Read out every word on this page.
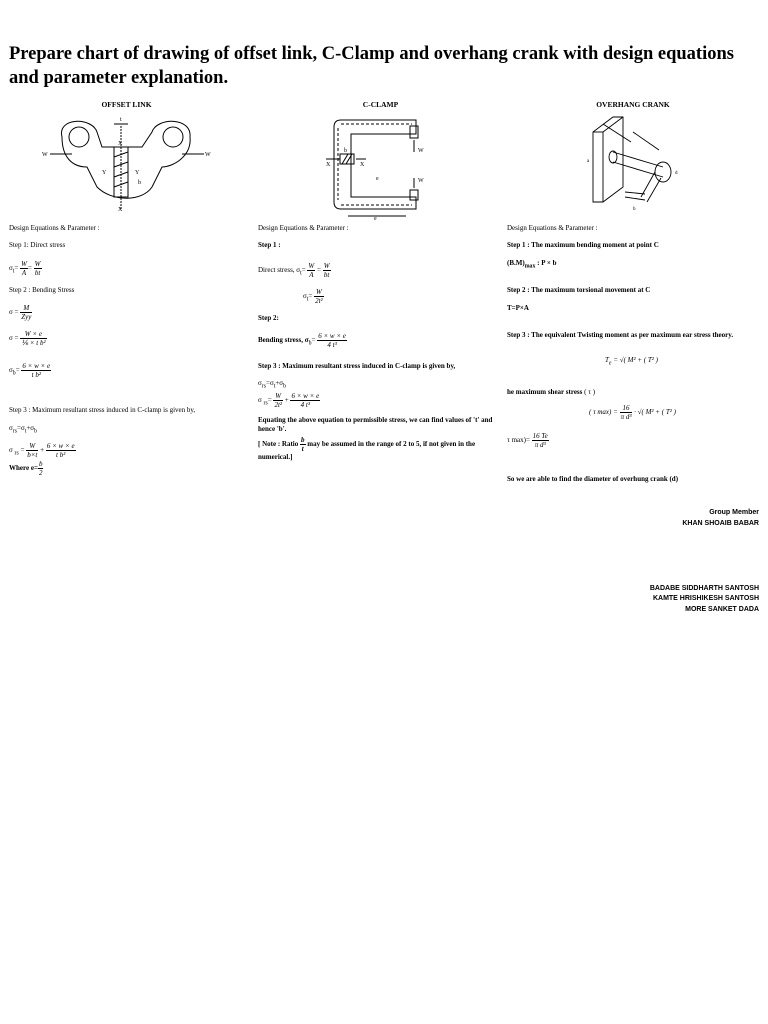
Prepare chart of drawing of offset link, C-Clamp and overhang crank with design equations and parameter explanation.
OFFSET LINK
W	W
t
X
X
Y	Y
b
Design Equations & Parameter :
Step 1: Direct stress
$\sigma_t= \frac{W}{A} = \frac{W}{bt}$
Step 2 : Bending Stress
$\sigma = \frac{M}{\text{Zyy}}$
$\sigma = \frac{W \times e}{\text{⅙ × t b²}}$
$\sigma_b= \frac{6 \times w \times e}{\text{t b²}}$
Step 3 : Maximum resultant stress induced in C-clamp is given by,
$\sigma_{rs}=\sigma_t+\sigma_b$
σ $_{rs} = \frac{W}{b\times t} + \frac{6 \times w \times e}{\text{t b²}}$
Where $e= \frac{b}{2}$
C-CLAMP
X	X
b	W
W
e
e
Design Equations & Parameter :
Step 1 :
Direct stress, $\sigma_t= \frac{W}{A} = \frac{W}{bt}$
$\sigma_t= \frac{W}{\text{2t²}}$
Step 2:
Bending stress, $\sigma_b= \frac{6 \times w \times e}{\text{4 t³}}$
Step 3 : Maximum resultant stress induced in C-clamp is given by,
$\sigma_{rs}=\sigma_t+\sigma_b$
σ $_{rs}= \frac{W}{\text{2t²}} + \frac{6 \times w \times e}{\text{4 t³}}$
Equating the above equation to permissible stress, we can find values of 't' and hence 'b'.
[ Note : Ratio $\frac{b}{t}$ may be assumed in the range of 2 to 5, if not given in the numerical.]
OVERHANG CRANK
a
d
b
Design Equations & Parameter :
Step 1 : The maximum bending moment at point C
$(B.M)_{max}$ : P × b
Step 2 : The maximum torsional movement at C
T=P×A
Step 3 : The equivalent Twisting moment as per maximum ear stress theory.
$T_e$ = √( M² + ( T² )
he maximum shear stress ( τ )
( τ $\max) = \frac{16}{\text{π d³}}$ · √( M² + ( T² )
τ $\max)= \frac{16 Te}{\text{π d³}}$
So we are able to find the diameter of overhung crank (d)
Group Member
KHAN SHOAIB BABAR
BADABE SIDDHARTH SANTOSH
KAMTE HRISHIKESH SANTOSH
MORE SANKET DADA
